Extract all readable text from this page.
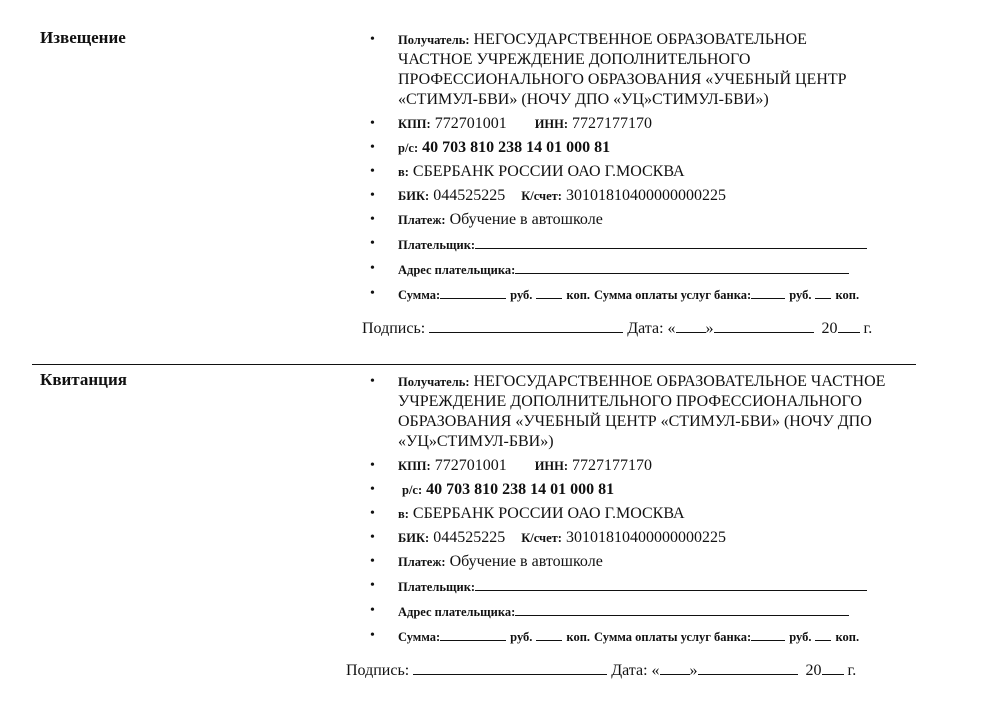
Извещение	• Получатель: НЕГОСУДАРСТВЕННОЕ ОБРАЗОВАТЕЛЬНОЕ ЧАСТНОЕ УЧРЕЖДЕНИЕ ДОПОЛНИТЕЛЬНОГО ПРОФЕССИОНАЛЬНОГО ОБРАЗОВАНИЯ «УЧЕБНЫЙ ЦЕНТР «СТИМУЛ-БВИ» (НОЧУ ДПО «УЦ»СТИМУЛ-БВИ»)
• КПП: 772701001 ИНН: 7727177170
• р/с: 40 703 810 238 14 01 000 81
• в: СБЕРБАНК РОССИИ ОАО Г.МОСКВА
• БИК: 044525225 К/счет: 30101810400000000225
• Платеж: Обучение в автошколе
• Плательщик:
• Адрес плательщика:
• Сумма:	руб.	коп. Сумма оплаты услуг банка:	руб. коп.
Подпись:	Дата: « »	20 г.
Квитанция	• Получатель: НЕГОСУДАРСТВЕННОЕ ОБРАЗОВАТЕЛЬНОЕ ЧАСТНОЕ УЧРЕЖДЕНИЕ ДОПОЛНИТЕЛЬНОГО ПРОФЕССИОНАЛЬНОГО ОБРАЗОВАНИЯ «УЧЕБНЫЙ ЦЕНТР «СТИМУЛ-БВИ» (НОЧУ ДПО «УЦ»СТИМУЛ-БВИ»)
• КПП: 772701001 ИНН: 7727177170
• р/с: 40 703 810 238 14 01 000 81
• в: СБЕРБАНК РОССИИ ОАО Г.МОСКВА
• БИК: 044525225 К/счет: 30101810400000000225
• Платеж: Обучение в автошколе
• Плательщик:
• Адрес плательщика:
• Сумма:	руб.	коп. Сумма оплаты услуг банка:	руб. коп.
Подпись:	Дата: « »	20 г.
